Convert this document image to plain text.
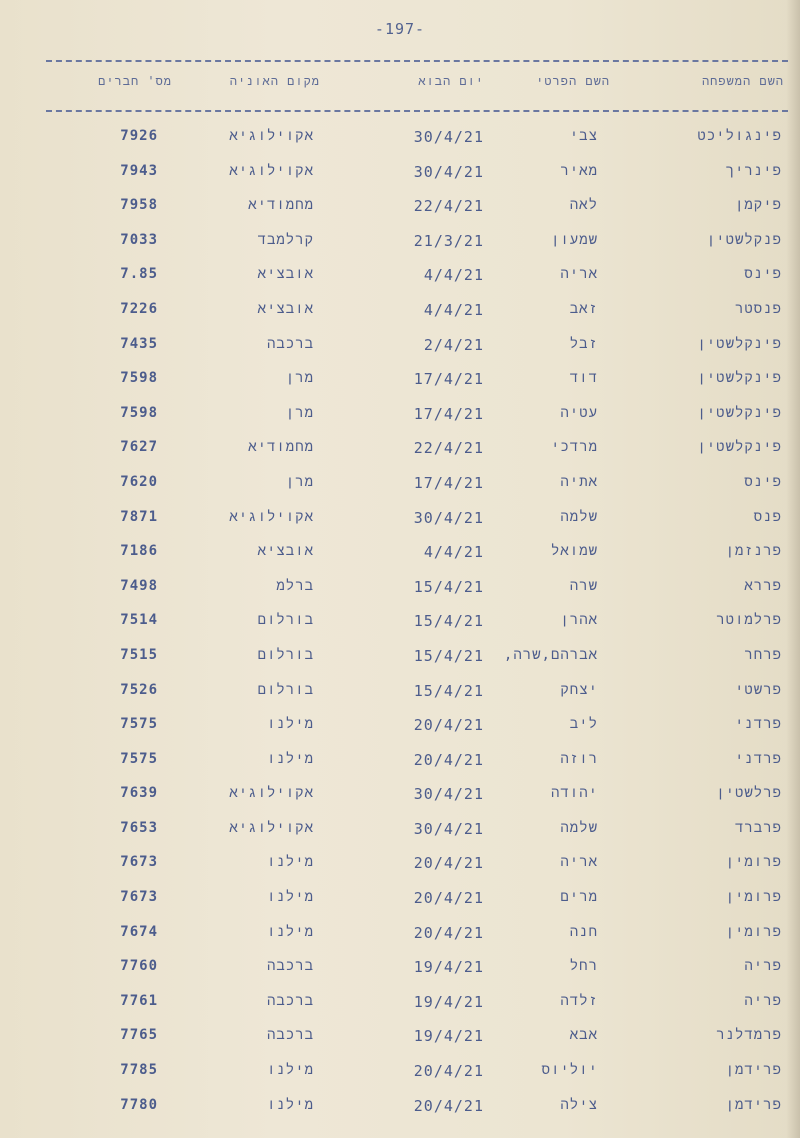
-197-
השם המשפחה
השם הפרטי
יום הבוא
מקום האוניה
מס' חברים
פינגוליכט
צבי
30/4/21
אקוילוגיא
7926
פינריך
מאיר
30/4/21
אקוילוגיא
7943
פיקמן
לאה
22/4/21
מחמודיא
7958
פנקלשטין
שמעון
21/3/21
קרלמבד
7033
פינס
אריה
4/4/21
אובציא
7.85
פנסטר
זאב
4/4/21
אובציא
7226
פינקלשטין
זבל
2/4/21
ברכבה
7435
פינקלשטין
דוד
17/4/21
מרן
7598
פינקלשטין
עטיה
17/4/21
מרן
7598
פינקלשטין
מרדכי
22/4/21
מחמודיא
7627
פינס
אתיה
17/4/21
מרן
7620
פנס
שלמה
30/4/21
אקוילוגיא
7871
פרנזמן
שמואל
4/4/21
אובציא
7186
פררא
שרה
15/4/21
ברלמ
7498
פרלמוטר
אהרן
15/4/21
בורלום
7514
פרחר
אברהם,שרה,
15/4/21
בורלום
7515
פרשטי
יצחק
15/4/21
בורלום
7526
פרדני
ליב
20/4/21
מילנו
7575
פרדני
רוזה
20/4/21
מילנו
7575
פרלשטין
יהודה
30/4/21
אקוילוגיא
7639
פרברד
שלמה
30/4/21
אקוילוגיא
7653
פרומין
אריה
20/4/21
מילנו
7673
פרומין
מרים
20/4/21
מילנו
7673
פרומין
חנה
20/4/21
מילנו
7674
פריה
רחל
19/4/21
ברכבה
7760
פריה
זלדה
19/4/21
ברכבה
7761
פרמדלנר
אבא
19/4/21
ברכבה
7765
פרידמן
יוליוס
20/4/21
מילנו
7785
פרידמן
צילה
20/4/21
מילנו
7780
